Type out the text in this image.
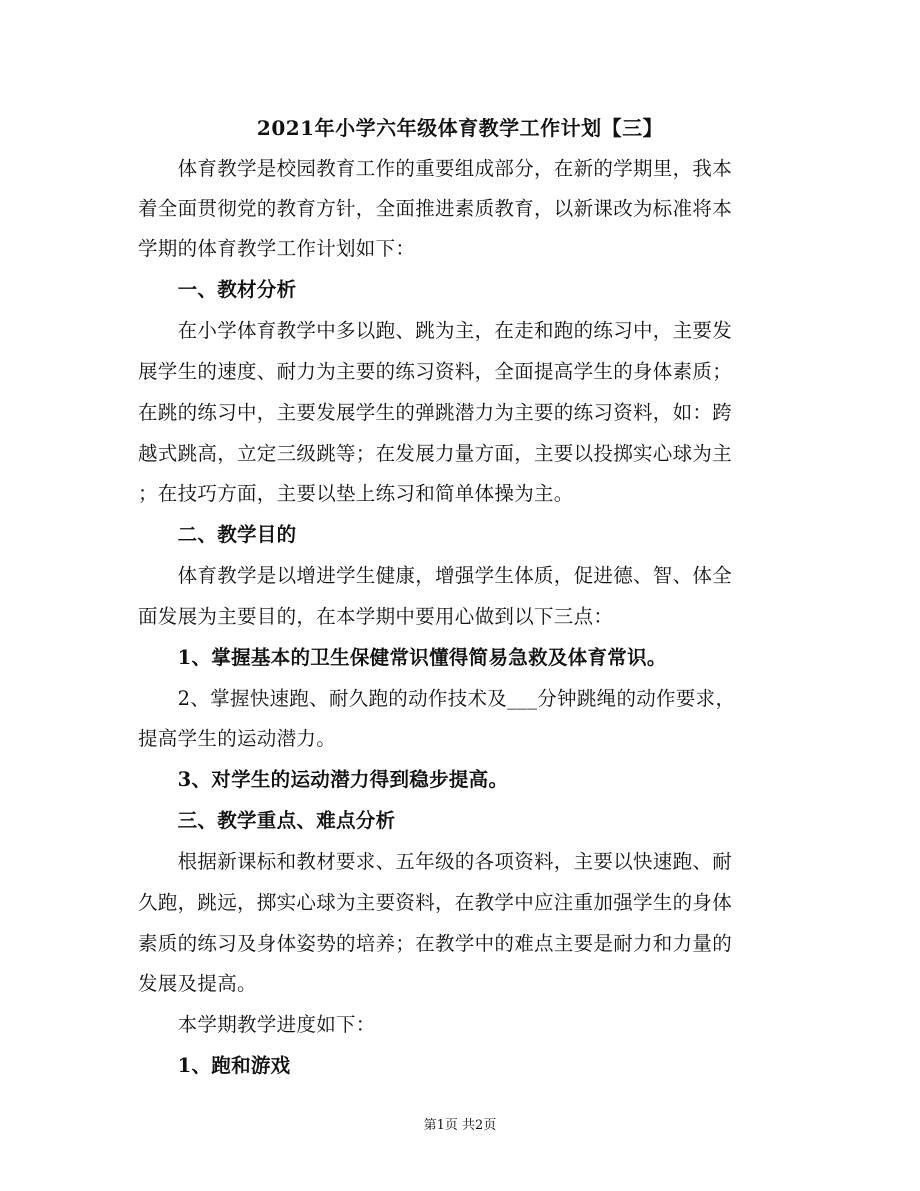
2021年小学六年级体育教学工作计划【三】
　　体育教学是校园教育工作的重要组成部分，在新的学期里，我本
着全面贯彻党的教育方针，全面推进素质教育，以新课改为标准将本
学期的体育教学工作计划如下：
　　一、教材分析
　　在小学体育教学中多以跑、跳为主，在走和跑的练习中，主要发
展学生的速度、耐力为主要的练习资料，全面提高学生的身体素质；
在跳的练习中，主要发展学生的弹跳潜力为主要的练习资料，如：跨
越式跳高，立定三级跳等；在发展力量方面，主要以投掷实心球为主
；在技巧方面，主要以垫上练习和简单体操为主。
　　二、教学目的
　　体育教学是以增进学生健康，增强学生体质，促进德、智、体全
面发展为主要目的，在本学期中要用心做到以下三点：
　　1、掌握基本的卫生保健常识懂得简易急救及体育常识。
　　2、掌握快速跑、耐久跑的动作技术及___分钟跳绳的动作要求，
提高学生的运动潜力。
　　3、对学生的运动潜力得到稳步提高。
　　三、教学重点、难点分析
　　根据新课标和教材要求、五年级的各项资料，主要以快速跑、耐
久跑，跳远，掷实心球为主要资料，在教学中应注重加强学生的身体
素质的练习及身体姿势的培养；在教学中的难点主要是耐力和力量的
发展及提高。
　　本学期教学进度如下：
　　1、跑和游戏
第1页 共2页
